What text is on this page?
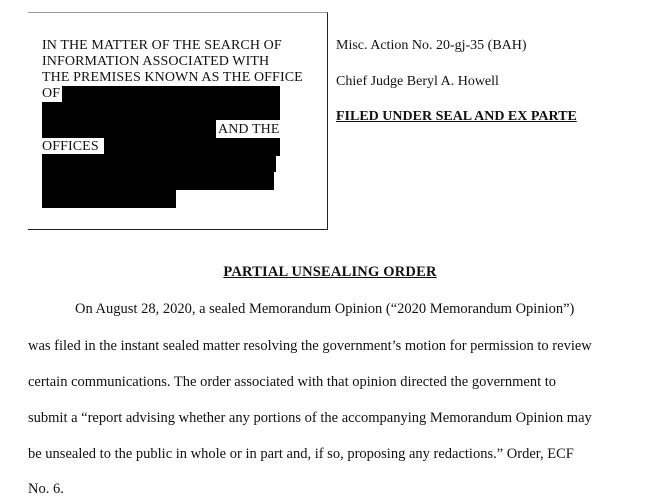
IN THE MATTER OF THE SEARCH OF
INFORMATION ASSOCIATED WITH
THE PREMISES KNOWN AS THE OFFICE
OF
AND THE
OFFICES
Misc. Action No. 20-gj-35 (BAH)
Chief Judge Beryl A. Howell
FILED UNDER SEAL AND EX PARTE
PARTIAL UNSEALING ORDER
On August 28, 2020, a sealed Memorandum Opinion (“2020 Memorandum Opinion”)
was filed in the instant sealed matter resolving the government’s motion for permission to review
certain communications. The order associated with that opinion directed the government to
submit a “report advising whether any portions of the accompanying Memorandum Opinion may
be unsealed to the public in whole or in part and, if so, proposing any redactions.” Order, ECF
No. 6.
